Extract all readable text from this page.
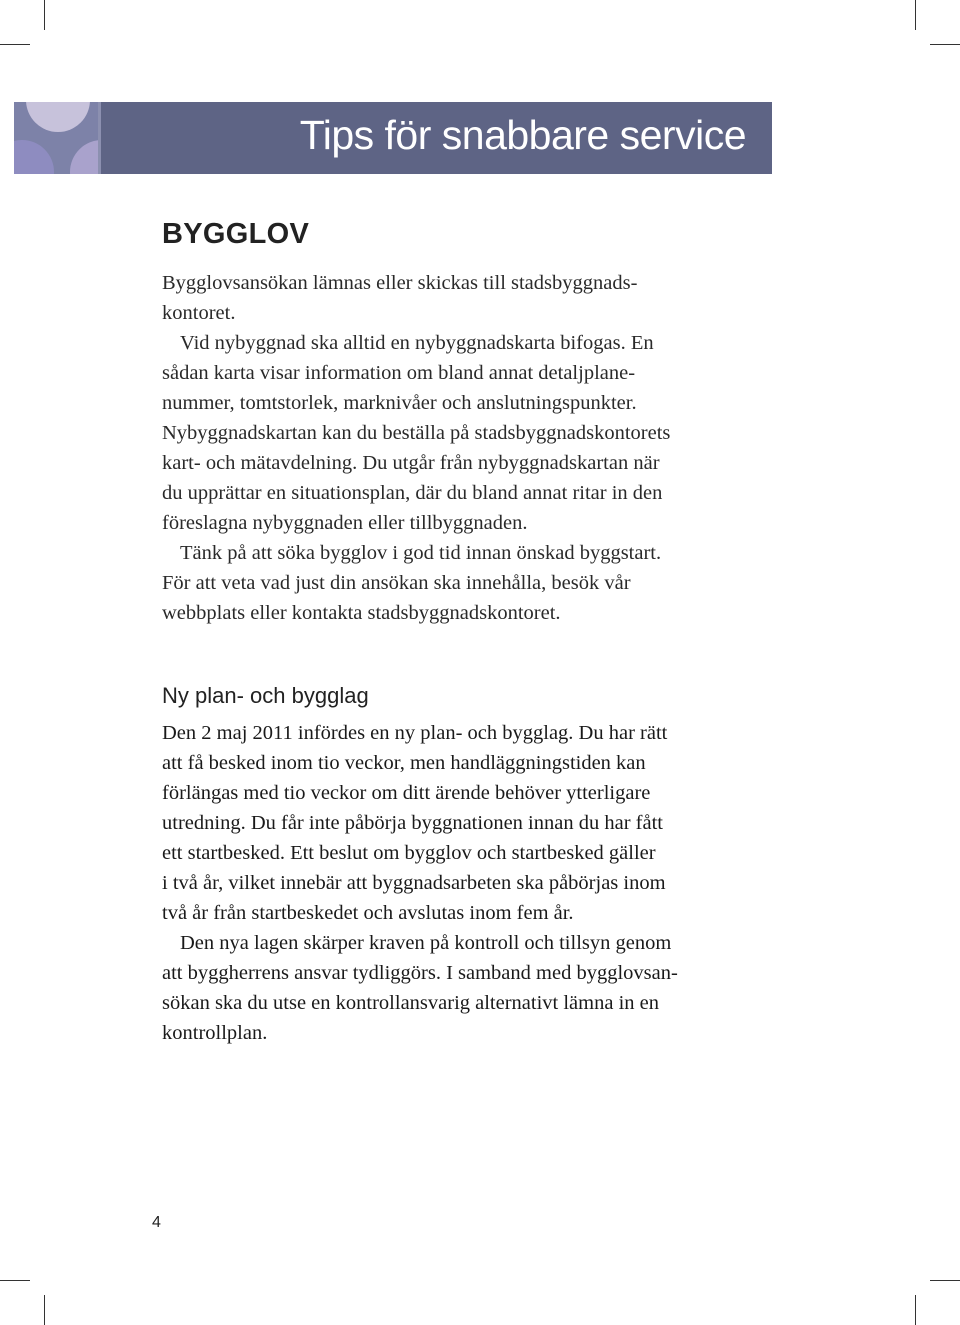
Tips för snabbare service
BYGGLOV
Bygglovsansökan lämnas eller skickas till stadsbyggnads-
kontoret.
Vid nybyggnad ska alltid en nybyggnadskarta bifogas. En
sådan karta visar information om bland annat detaljplane-
nummer, tomtstorlek, marknivåer och anslutningspunkter.
Nybyggnadskartan kan du beställa på stadsbyggnadskontorets
kart- och mätavdelning. Du utgår från nybyggnadskartan när
du upprättar en situationsplan, där du bland annat ritar in den
föreslagna nybyggnaden eller tillbyggnaden.
Tänk på att söka bygglov i god tid innan önskad byggstart.
För att veta vad just din ansökan ska innehålla, besök vår
webbplats eller kontakta stadsbyggnadskontoret.
Ny plan- och bygglag
Den 2 maj 2011 infördes en ny plan- och bygglag. Du har rätt
att få besked inom tio veckor, men handläggningstiden kan
förlängas med tio veckor om ditt ärende behöver ytterligare
utredning. Du får inte påbörja byggnationen innan du har fått
ett startbesked. Ett beslut om bygglov och startbesked gäller
i två år, vilket innebär att byggnadsarbeten ska påbörjas inom
två år från startbeskedet och avslutas inom fem år.
Den nya lagen skärper kraven på kontroll och tillsyn genom
att byggherrens ansvar tydliggörs. I samband med bygglovsan-
sökan ska du utse en kontrollansvarig alternativt lämna in en
kontrollplan.
4
